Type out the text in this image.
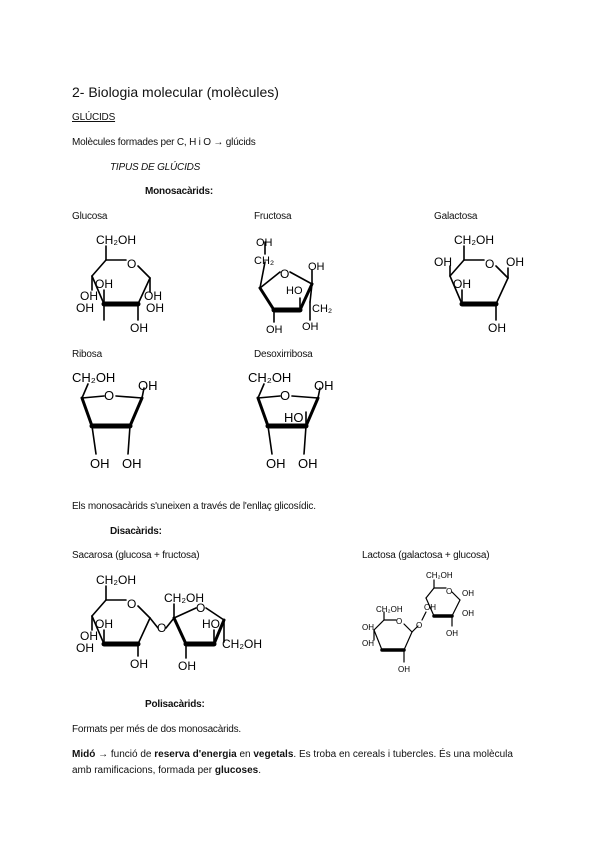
2- Biologia molecular (molècules)
GLÚCIDS
Molècules formades per C, H i O → glúcids
TIPUS DE GLÚCIDS
Monosacàrids:
Glucosa	Fructosa	Galactosa
Ribosa	Desoxirribosa
CH₂OH
O
OH
OH
OH
OH	OH
OH
OH
CH₂
O OH
HO
CH₂
OH OH
CH₂OH
O
OH	OH
OH
OH
CH₂OH
O
OH
OH OH
CH₂OH
O
OH
HO
OH OH
Els monosacàrids s'uneixen a través de l'enllaç glicosídic.
Disacàrids:
Sacarosa (glucosa + fructosa)	Lactosa (galactosa + glucosa)
CH₂OH
O
OH
OH
OH
OH
O
CH₂OH
O
HO
CH₂OH
OH
CH₂OH
O OH
OH
OH
OH
CH₂OH
O O
OH
OH
OH
Polisacàrids:
Formats per més de dos monosacàrids.
Midó → funció de reserva d'energia en vegetals. Es troba en cereals i tubercles. És una molècula amb ramificacions, formada per glucoses.
